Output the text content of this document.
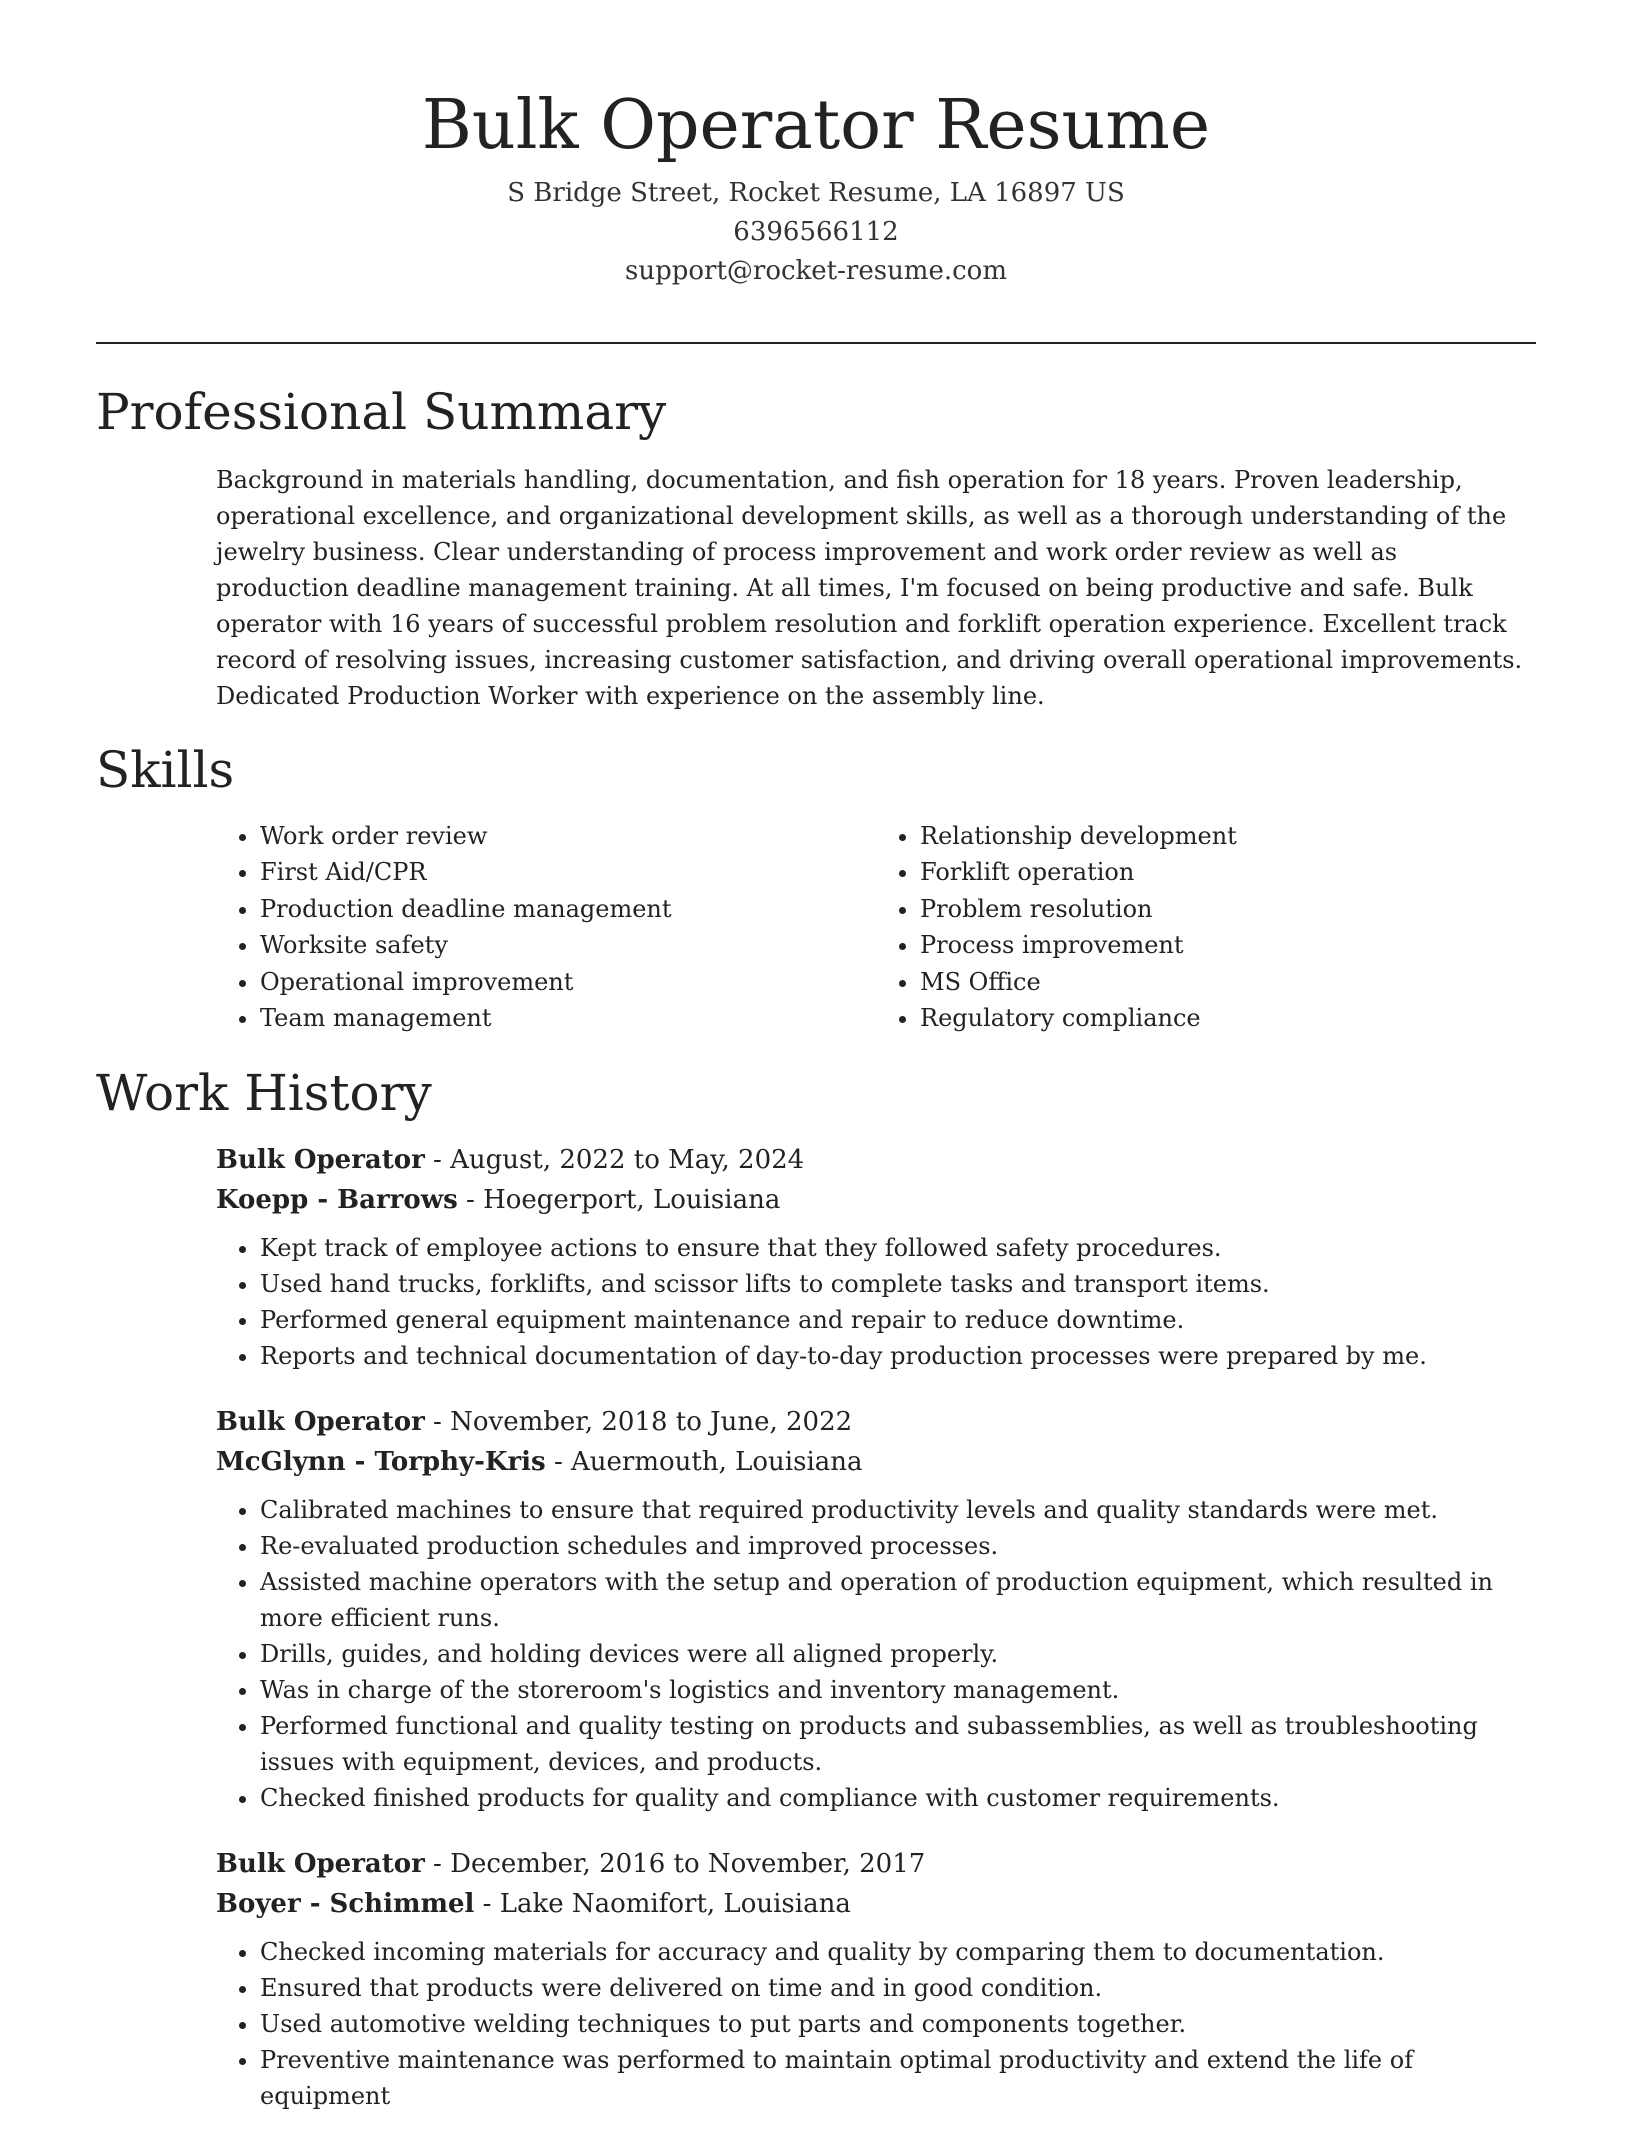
Bulk Operator Resume
S Bridge Street, Rocket Resume, LA 16897 US
6396566112
support@rocket-resume.com
Professional Summary

Background in materials handling, documentation, and fish operation for 18 years. Proven leadership, operational excellence, and organizational development skills, as well as a thorough understanding of the jewelry business. Clear understanding of process improvement and work order review as well as production deadline management training. At all times, I'm focused on being productive and safe. Bulk operator with 16 years of successful problem resolution and forklift operation experience. Excellent track record of resolving issues, increasing customer satisfaction, and driving overall operational improvements. Dedicated Production Worker with experience on the assembly line.

Skills
• Work order review
• First Aid/CPR
• Production deadline management
• Worksite safety
• Operational improvement
• Team management
• Relationship development
• Forklift operation
• Problem resolution
• Process improvement
• MS Office
• Regulatory compliance
Work History
Bulk Operator - August, 2022 to May, 2024
Koepp - Barrows - Hoegerport, Louisiana
• Kept track of employee actions to ensure that they followed safety procedures.
• Used hand trucks, forklifts, and scissor lifts to complete tasks and transport items.
• Performed general equipment maintenance and repair to reduce downtime.
• Reports and technical documentation of day-to-day production processes were prepared by me.
Bulk Operator - November, 2018 to June, 2022
McGlynn - Torphy-Kris - Auermouth, Louisiana
• Calibrated machines to ensure that required productivity levels and quality standards were met.
• Re-evaluated production schedules and improved processes.
• Assisted machine operators with the setup and operation of production equipment, which resulted in more efficient runs.
• Drills, guides, and holding devices were all aligned properly.
• Was in charge of the storeroom's logistics and inventory management.
• Performed functional and quality testing on products and subassemblies, as well as troubleshooting issues with equipment, devices, and products.
• Checked finished products for quality and compliance with customer requirements.
Bulk Operator - December, 2016 to November, 2017
Boyer - Schimmel - Lake Naomifort, Louisiana
• Checked incoming materials for accuracy and quality by comparing them to documentation.
• Ensured that products were delivered on time and in good condition.
• Used automotive welding techniques to put parts and components together.
• Preventive maintenance was performed to maintain optimal productivity and extend the life of equipment
